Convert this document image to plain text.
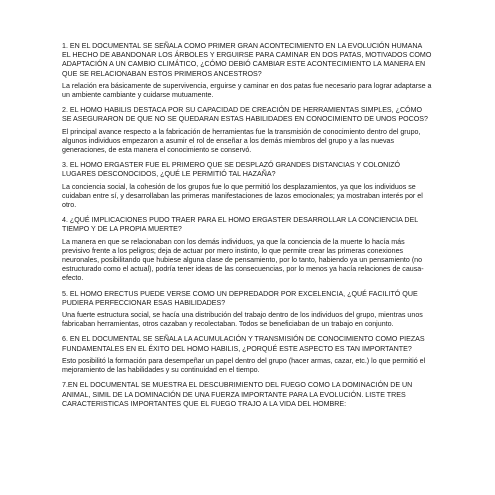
1. EN EL DOCUMENTAL SE SEÑALA COMO PRIMER GRAN ACONTECIMIENTO EN LA EVOLUCIÓN HUMANA EL HECHO DE ABANDONAR LOS ÁRBOLES Y ERGUIRSE PARA CAMINAR EN DOS PATAS, MOTIVADOS COMO ADAPTACIÓN A UN CAMBIO CLIMÁTICO, ¿CÓMO DEBIÓ CAMBIAR ESTE ACONTECIMIENTO LA MANERA EN QUE SE RELACIONABAN ESTOS PRIMEROS ANCESTROS?

La relación era básicamente de supervivencia, erguirse y caminar en dos patas fue necesario para lograr adaptarse a un ambiente cambiante y cuidarse mutuamente.

2. EL HOMO HABILIS DESTACA POR SU CAPACIDAD DE CREACIÓN DE HERRAMIENTAS SIMPLES, ¿CÓMO SE ASEGURARON DE QUE NO SE QUEDARAN ESTAS HABILIDADES EN CONOCIMIENTO DE UNOS POCOS?

El principal avance respecto a la fabricación de herramientas fue la transmisión de conocimiento dentro del grupo, algunos individuos empezaron a asumir el rol de enseñar a los demás miembros del grupo y a las nuevas generaciones, de esta manera el conocimiento se conservó.

3. EL HOMO ERGASTER FUE EL PRIMERO QUE SE DESPLAZÓ GRANDES DISTANCIAS Y COLONIZÓ LUGARES DESCONOCIDOS, ¿QUÉ LE PERMITIÓ TAL HAZAÑA?

La conciencia social, la cohesión de los grupos fue lo que permitió los desplazamientos, ya que los individuos se cuidaban entre sí, y desarrollaban las primeras manifestaciones de lazos emocionales; ya mostraban interés por el otro.

4. ¿QUÉ IMPLICACIONES PUDO TRAER PARA EL HOMO ERGASTER DESARROLLAR LA CONCIENCIA DEL TIEMPO Y DE LA PROPIA MUERTE?

La manera en que se relacionaban con los demás individuos, ya que la conciencia de la muerte lo hacía más previsivo frente a los peligros; deja de actuar por mero instinto, lo que permite crear las primeras conexiones neuronales, posibilitando que hubiese alguna clase de pensamiento, por lo tanto, habiendo ya un pensamiento (no estructurado como el actual), podría tener ideas de las consecuencias, por lo menos ya hacía relaciones de causa-efecto.

5. EL HOMO ERECTUS PUEDE VERSE COMO UN DEPREDADOR POR EXCELENCIA, ¿QUÉ FACILITÓ QUE PUDIERA PERFECCIONAR ESAS HABILIDADES?

Una fuerte estructura social, se hacía una distribución del trabajo dentro de los individuos del grupo, mientras unos fabricaban herramientas, otros cazaban y recolectaban. Todos se beneficiaban de un trabajo en conjunto.

6. EN EL DOCUMENTAL SE SEÑALA LA ACUMULACIÓN Y TRANSMISIÓN DE CONOCIMIENTO COMO PIEZAS FUNDAMENTALES EN EL ÉXITO DEL HOMO HABILIS, ¿PORQUÉ ESTE ASPECTO ES TAN IMPORTANTE?

Esto posibilitó la formación para desempeñar un papel dentro del grupo (hacer armas, cazar, etc.) lo que permitió el mejoramiento de las habilidades y su continuidad en el tiempo.

7.EN EL DOCUMENTAL SE MUESTRA EL DESCUBRIMIENTO DEL FUEGO COMO LA DOMINACIÓN DE UN ANIMAL, SIMIL DE LA DOMINACIÓN DE UNA FUERZA IMPORTANTE PARA LA EVOLUCIÓN. LISTE TRES CARACTERISTICAS IMPORTANTES QUE EL FUEGO TRAJO A LA VIDA DEL HOMBRE:
